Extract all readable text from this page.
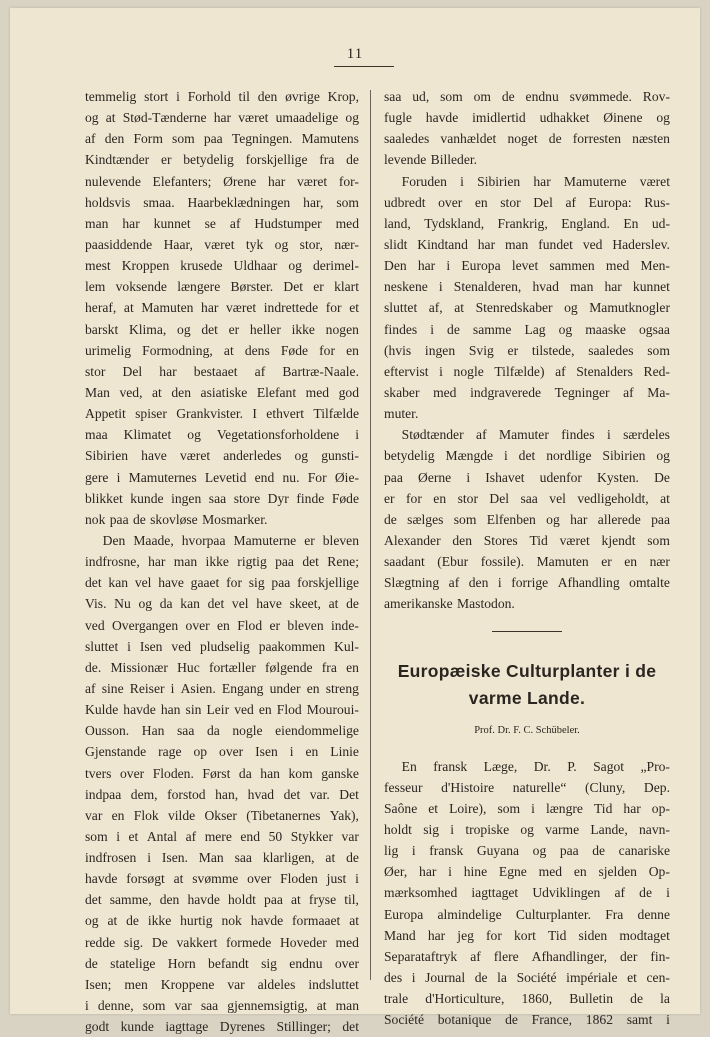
11
temmelig stort i Forhold til den øvrige Krop,
og at Stød-Tænderne har været umaadelige og
af den Form som paa Tegningen. Mamutens
Kindtænder er betydelig forskjellige fra de
nulevende Elefanters; Ørene har været for-
holdsvis smaa. Haarbeklædningen har, som
man har kunnet se af Hudstumper med
paasiddende Haar, været tyk og stor, nær-
mest Kroppen krusede Uldhaar og derimel-
lem voksende længere Børster. Det er klart
heraf, at Mamuten har været indrettede for et
barskt Klima, og det er heller ikke nogen
urimelig Formodning, at dens Føde for en
stor Del har bestaaet af Bartræ-Naale.
Man ved, at den asiatiske Elefant med god
Appetit spiser Grankvister. I ethvert Tilfælde
maa Klimatet og Vegetationsforholdene i
Sibirien have været anderledes og gunsti-
gere i Mamuternes Levetid end nu. For Øie-
blikket kunde ingen saa store Dyr finde Føde
nok paa de skovløse Mosmarker.
Den Maade, hvorpaa Mamuterne er bleven
indfrosne, har man ikke rigtig paa det Rene;
det kan vel have gaaet for sig paa forskjellige
Vis. Nu og da kan det vel have skeet, at de
ved Overgangen over en Flod er bleven inde-
sluttet i Isen ved pludselig paakommen Kul-
de. Missionær Huc fortæller følgende fra en
af sine Reiser i Asien. Engang under en streng
Kulde havde han sin Leir ved en Flod Mouroui-
Ousson. Han saa da nogle eiendommelige
Gjenstande rage op over Isen i en Linie
tvers over Floden. Først da han kom ganske
indpaa dem, forstod han, hvad det var. Det
var en Flok vilde Okser (Tibetanernes Yak),
som i et Antal af mere end 50 Stykker var
indfrosen i Isen. Man saa klarligen, at de
havde forsøgt at svømme over Floden just i
det samme, den havde holdt paa at fryse til,
og at de ikke hurtig nok havde formaaet at
redde sig. De vakkert formede Hoveder med
de statelige Horn befandt sig endnu over
Isen; men Kroppene var aldeles indsluttet
i denne, som var saa gjennemsigtig, at man
godt kunde iagttage Dyrenes Stillinger; det
saa ud, som om de endnu svømmede. Rov-
fugle havde imidlertid udhakket Øinene og
saaledes vanhældet noget de forresten næsten
levende Billeder.
Foruden i Sibirien har Mamuterne været
udbredt over en stor Del af Europa: Rus-
land, Tydskland, Frankrig, England. En ud-
slidt Kindtand har man fundet ved Haderslev.
Den har i Europa levet sammen med Men-
neskene i Stenalderen, hvad man har kunnet
sluttet af, at Stenredskaber og Mamutknogler
findes i de samme Lag og maaske ogsaa
(hvis ingen Svig er tilstede, saaledes som
eftervist i nogle Tilfælde) af Stenalders Red-
skaber med indgraverede Tegninger af Ma-
muter.
Stødtænder af Mamuter findes i særdeles
betydelig Mængde i det nordlige Sibirien og
paa Øerne i Ishavet udenfor Kysten. De
er for en stor Del saa vel vedligeholdt, at
de sælges som Elfenben og har allerede paa
Alexander den Stores Tid været kjendt som
saadant (Ebur fossile). Mamuten er en nær
Slægtning af den i forrige Afhandling omtalte
amerikanske Mastodon.
Europæiske Culturplanter i de
varme Lande.
Prof. Dr. F. C. Schübeler.
En fransk Læge, Dr. P. Sagot „Pro-
fesseur d'Histoire naturelle“ (Cluny, Dep.
Saône et Loire), som i længre Tid har op-
holdt sig i tropiske og varme Lande, navn-
lig i fransk Guyana og paa de canariske
Øer, har i hine Egne med en sjelden Op-
mærksomhed iagttaget Udviklingen af de i
Europa almindelige Culturplanter. Fra denne
Mand har jeg for kort Tid siden modtaget
Separataftryk af flere Afhandlinger, der fin-
des i Journal de la Société impériale et cen-
trale d'Horticulture, 1860, Bulletin de la
Société botanique de France, 1862 samt i
